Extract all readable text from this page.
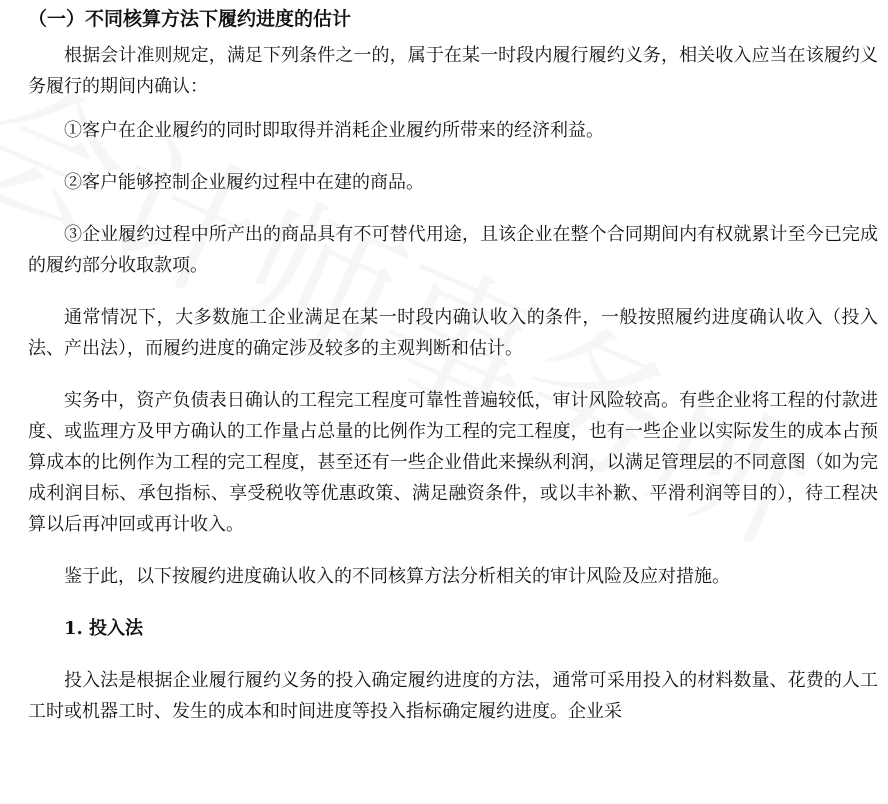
（一）不同核算方法下履约进度的估计

根据会计准则规定，满足下列条件之一的，属于在某一时段内履行履约义务，相关收入应当在该履约义务履行的期间内确认：

①客户在企业履约的同时即取得并消耗企业履约所带来的经济利益。

②客户能够控制企业履约过程中在建的商品。

③企业履约过程中所产出的商品具有不可替代用途，且该企业在整个合同期间内有权就累计至今已完成的履约部分收取款项。

通常情况下，大多数施工企业满足在某一时段内确认收入的条件，一般按照履约进度确认收入（投入法、产出法），而履约进度的确定涉及较多的主观判断和估计。

实务中，资产负债表日确认的工程完工程度可靠性普遍较低，审计风险较高。有些企业将工程的付款进度、或监理方及甲方确认的工作量占总量的比例作为工程的完工程度，也有一些企业以实际发生的成本占预算成本的比例作为工程的完工程度，甚至还有一些企业借此来操纵利润，以满足管理层的不同意图（如为完成利润目标、承包指标、享受税收等优惠政策、满足融资条件，或以丰补歉、平滑利润等目的），待工程决算以后再冲回或再计收入。

鉴于此，以下按履约进度确认收入的不同核算方法分析相关的审计风险及应对措施。

1. 投入法

投入法是根据企业履行履约义务的投入确定履约进度的方法，通常可采用投入的材料数量、花费的人工工时或机器工时、发生的成本和时间进度等投入指标确定履约进度。企业采
